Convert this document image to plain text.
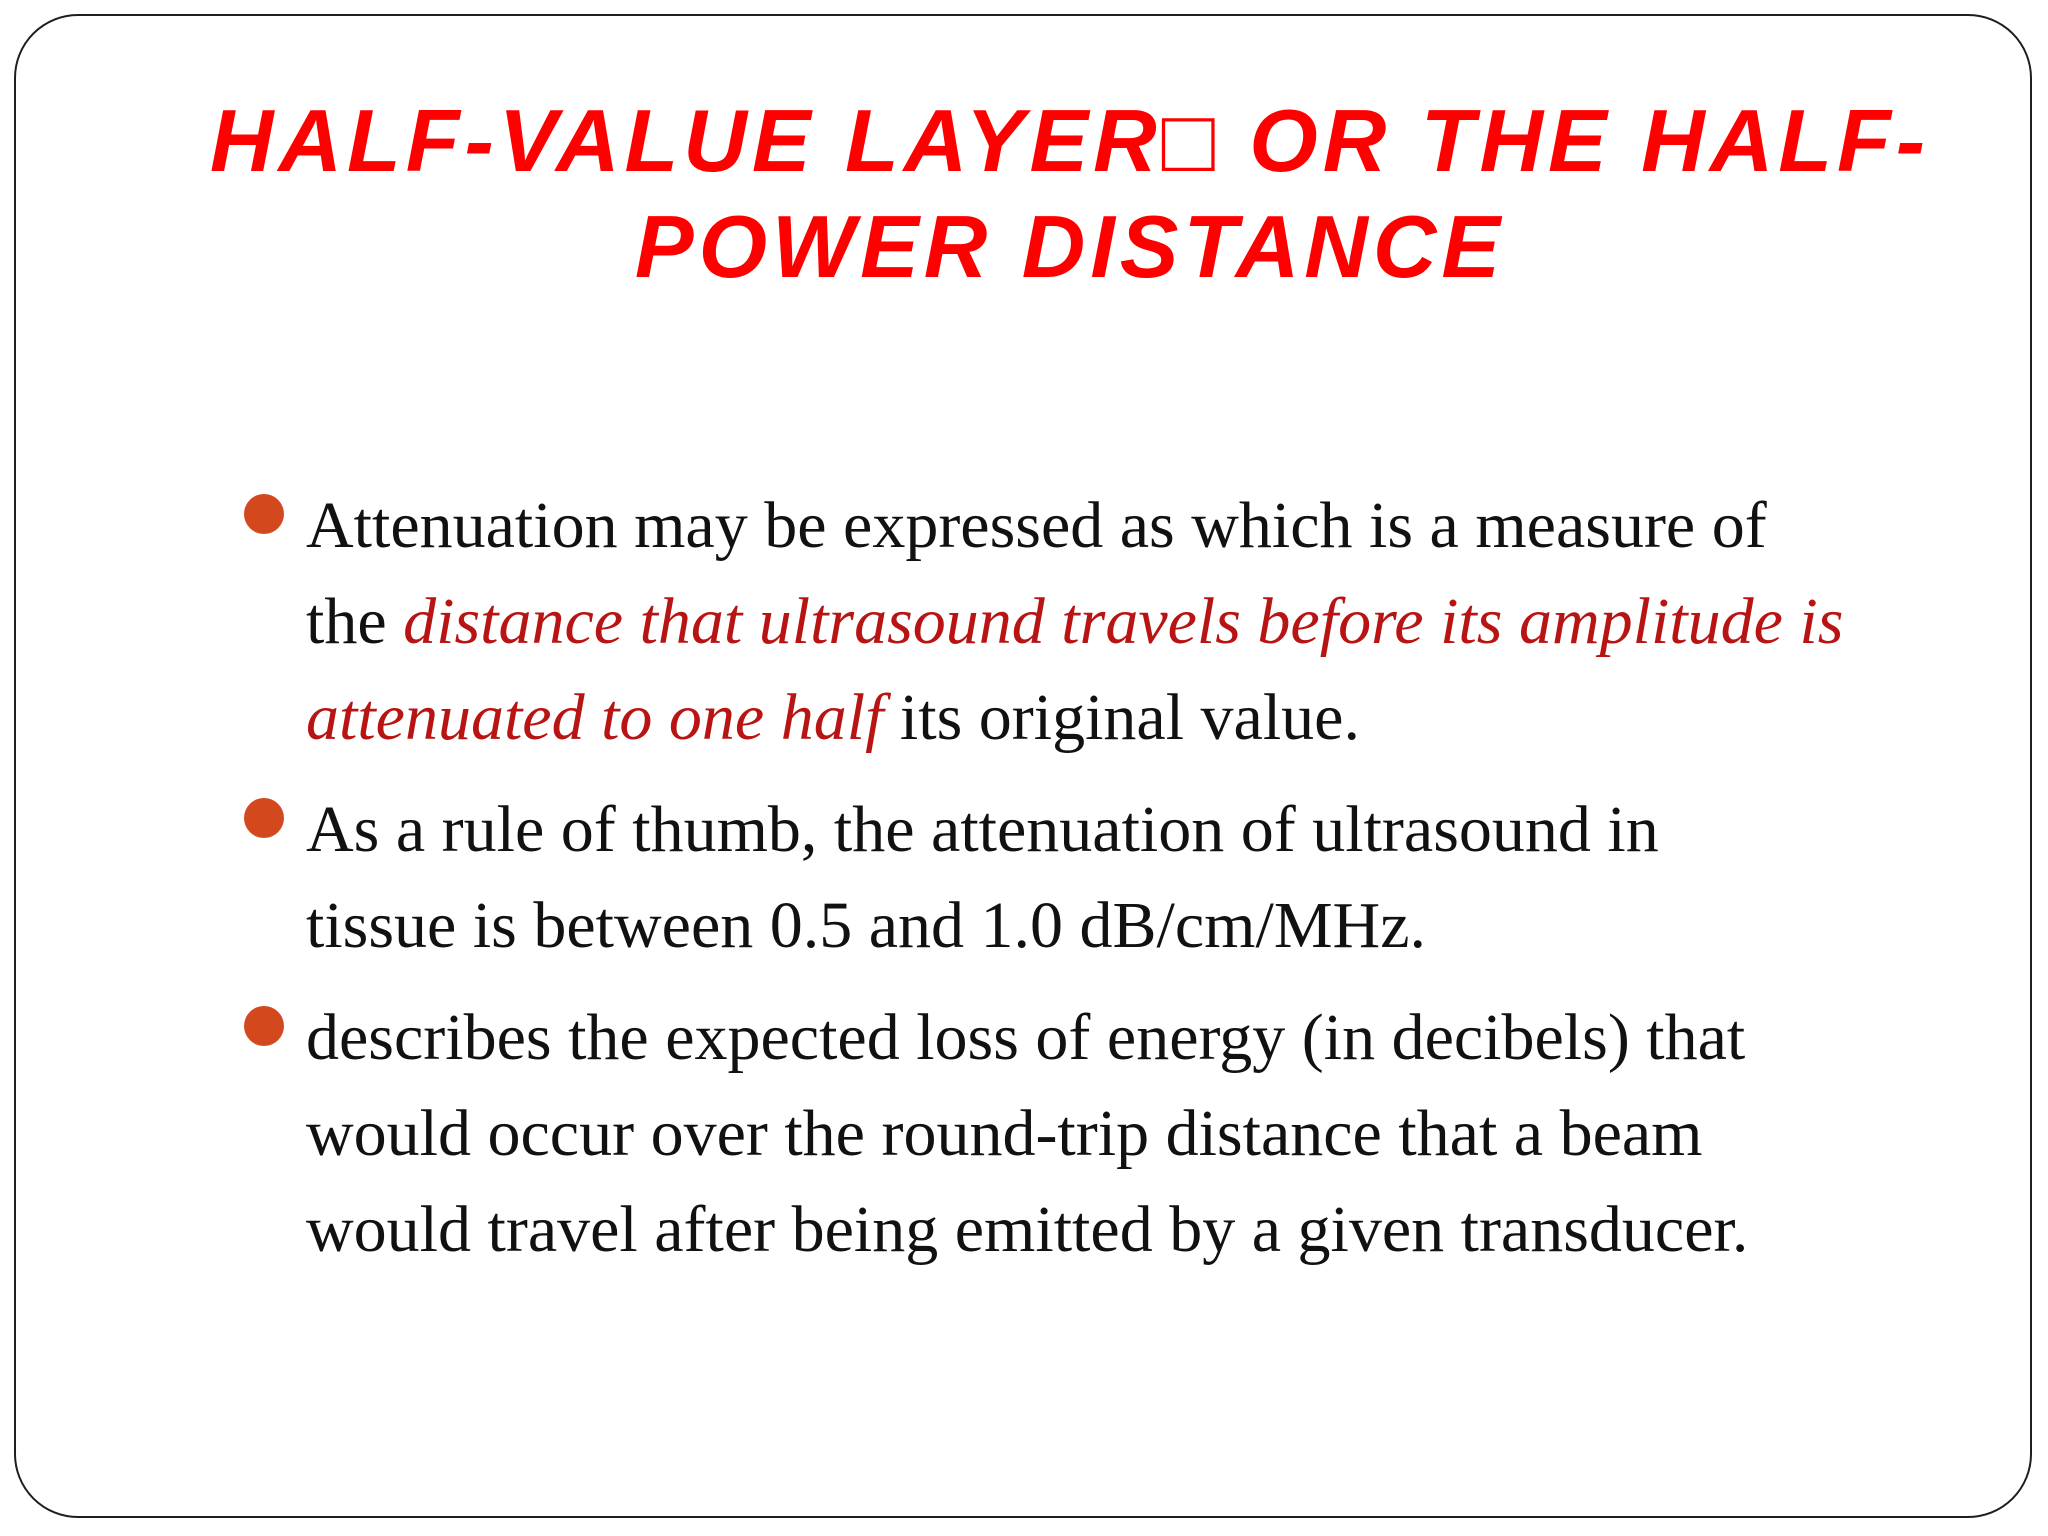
HALF-VALUE LAYER□ OR THE HALF-
POWER DISTANCE
Attenuation may be expressed as which is a measure of
the distance that ultrasound travels before its amplitude is
attenuated to one half its original value.
As a rule of thumb, the attenuation of ultrasound in
tissue is between 0.5 and 1.0 dB/cm/MHz.
describes the expected loss of energy (in decibels) that
would occur over the round-trip distance that a beam
would travel after being emitted by a given transducer.
